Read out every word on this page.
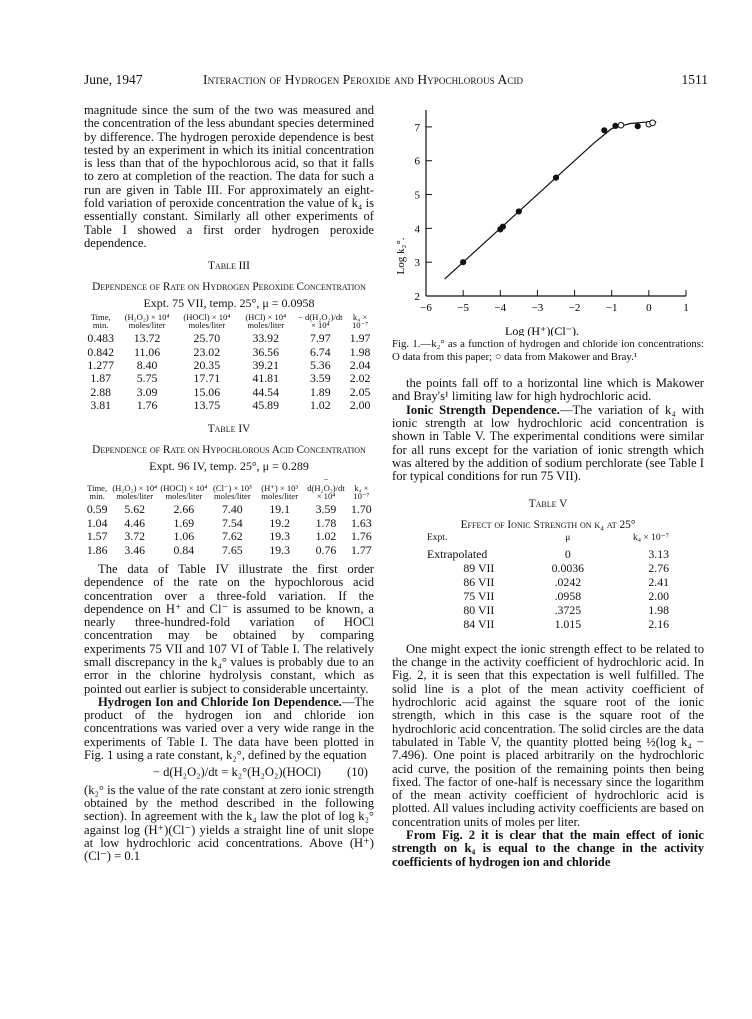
June, 1947	Interaction of Hydrogen Peroxide and Hypochlorous Acid	1511

magnitude since the sum of the two was measured and the concentration of the less abundant species determined by difference. The hydrogen peroxide dependence is best tested by an experiment in which its initial concentration is less than that of the hypochlorous acid, so that it falls to zero at completion of the reaction. The data for such a run are given in Table III. For approximately an eight-fold variation of peroxide concentration the value of k₄ is essentially constant. Similarly all other experiments of Table I showed a first order hydrogen peroxide dependence.

Table III
Dependence of Rate on Hydrogen Peroxide Concentration
Expt. 75 VII, temp. 25°, μ = 0.0958
Time, min.	(H₂O₂) × 10⁴ moles/liter	(HOCl) × 10⁴ moles/liter	(HCl) × 10⁴ moles/liter	− d(H₂O₂)/dt × 10⁴	k₄ × 10⁻⁷
0.483	13.72	25.70	33.92	7.97	1.97
0.842	11.06	23.02	36.56	6.74	1.98
1.277	8.40	20.35	39.21	5.36	2.04
1.87	5.75	17.71	41.81	3.59	2.02
2.88	3.09	15.06	44.54	1.89	2.05
3.81	1.76	13.75	45.89	1.02	2.00
Table IV
Dependence of Rate on Hypochlorous Acid Concentration
Expt. 96 IV, temp. 25°, μ = 0.289
Time, min.	(H₂O₂) × 10⁴ moles/liter	(HOCl) × 10⁴ moles/liter	(Cl⁻) × 10³ moles/liter	(H⁺) × 10³ moles/liter	− d(H₂O₂)/dt × 10⁴	k₄ × 10⁻⁷
0.59	5.62	2.66	7.40	19.1	3.59	1.70
1.04	4.46	1.69	7.54	19.2	1.78	1.63
1.57	3.72	1.06	7.62	19.3	1.02	1.76
1.86	3.46	0.84	7.65	19.3	0.76	1.77

The data of Table IV illustrate the first order dependence of the rate on the hypochlorous acid concentration over a three-fold variation. If the dependence on H⁺ and Cl⁻ is assumed to be known, a nearly three-hundred-fold variation of HOCl concentration may be obtained by comparing experiments 75 VII and 107 VI of Table I. The relatively small discrepancy in the k₄° values is probably due to an error in the chlorine hydrolysis constant, which as pointed out earlier is subject to considerable uncertainty.

Hydrogen Ion and Chloride Ion Dependence.—The product of the hydrogen ion and chloride ion concentrations was varied over a very wide range in the experiments of Table I. The data have been plotted in Fig. 1 using a rate constant, k₂°, defined by the equation

− d(H₂O₂)/dt = k₂°(H₂O₂)(HOCl) (10)

(k₂° is the value of the rate constant at zero ionic strength obtained by the method described in the following section). In agreement with the k₄ law the plot of log k₂° against log (H⁺)(Cl⁻) yields a straight line of unit slope at low hydrochloric acid concentrations. Above (H⁺)(Cl⁻) = 0.1

2
3
4
5
6
7
−6 −5 −4 −3 −2 −1	0	1
Log k₂°.
Log (H⁺)(Cl⁻).
Fig. 1.—k₂° as a function of hydrogen and chloride ion concentrations: O data from this paper; ○ data from Makower and Bray.¹

the points fall off to a horizontal line which is Makower and Bray's¹ limiting law for high hydrochloric acid.

Ionic Strength Dependence.—The variation of k₄ with ionic strength at low hydrochloric acid concentration is shown in Table V. The experimental conditions were similar for all runs except for the variation of ionic strength which was altered by the addition of sodium perchlorate (see Table I for typical conditions for run 75 VII).

Table V
Effect of Ionic Strength on k₄ at 25°
Expt.	μ	k₄ × 10⁻⁷
Extrapolated	0	3.13
89 VII	0.0036	2.76
86 VII	.0242	2.41
75 VII	.0958	2.00
80 VII	.3725	1.98
84 VII	1.015	2.16

One might expect the ionic strength effect to be related to the change in the activity coefficient of hydrochloric acid. In Fig. 2, it is seen that this expectation is well fulfilled. The solid line is a plot of the mean activity coefficient of hydrochloric acid against the square root of the ionic strength, which in this case is the square root of the hydrochloric acid concentration. The solid circles are the data tabulated in Table V, the quantity plotted being ½(log k₄ − 7.496). One point is placed arbitrarily on the hydrochloric acid curve, the position of the remaining points then being fixed. The factor of one-half is necessary since the logarithm of the mean activity coefficient of hydrochloric acid is plotted. All values including activity coefficients are based on concentration units of moles per liter.

From Fig. 2 it is clear that the main effect of ionic strength on k₄ is equal to the change in the activity coefficients of hydrogen ion and chloride
